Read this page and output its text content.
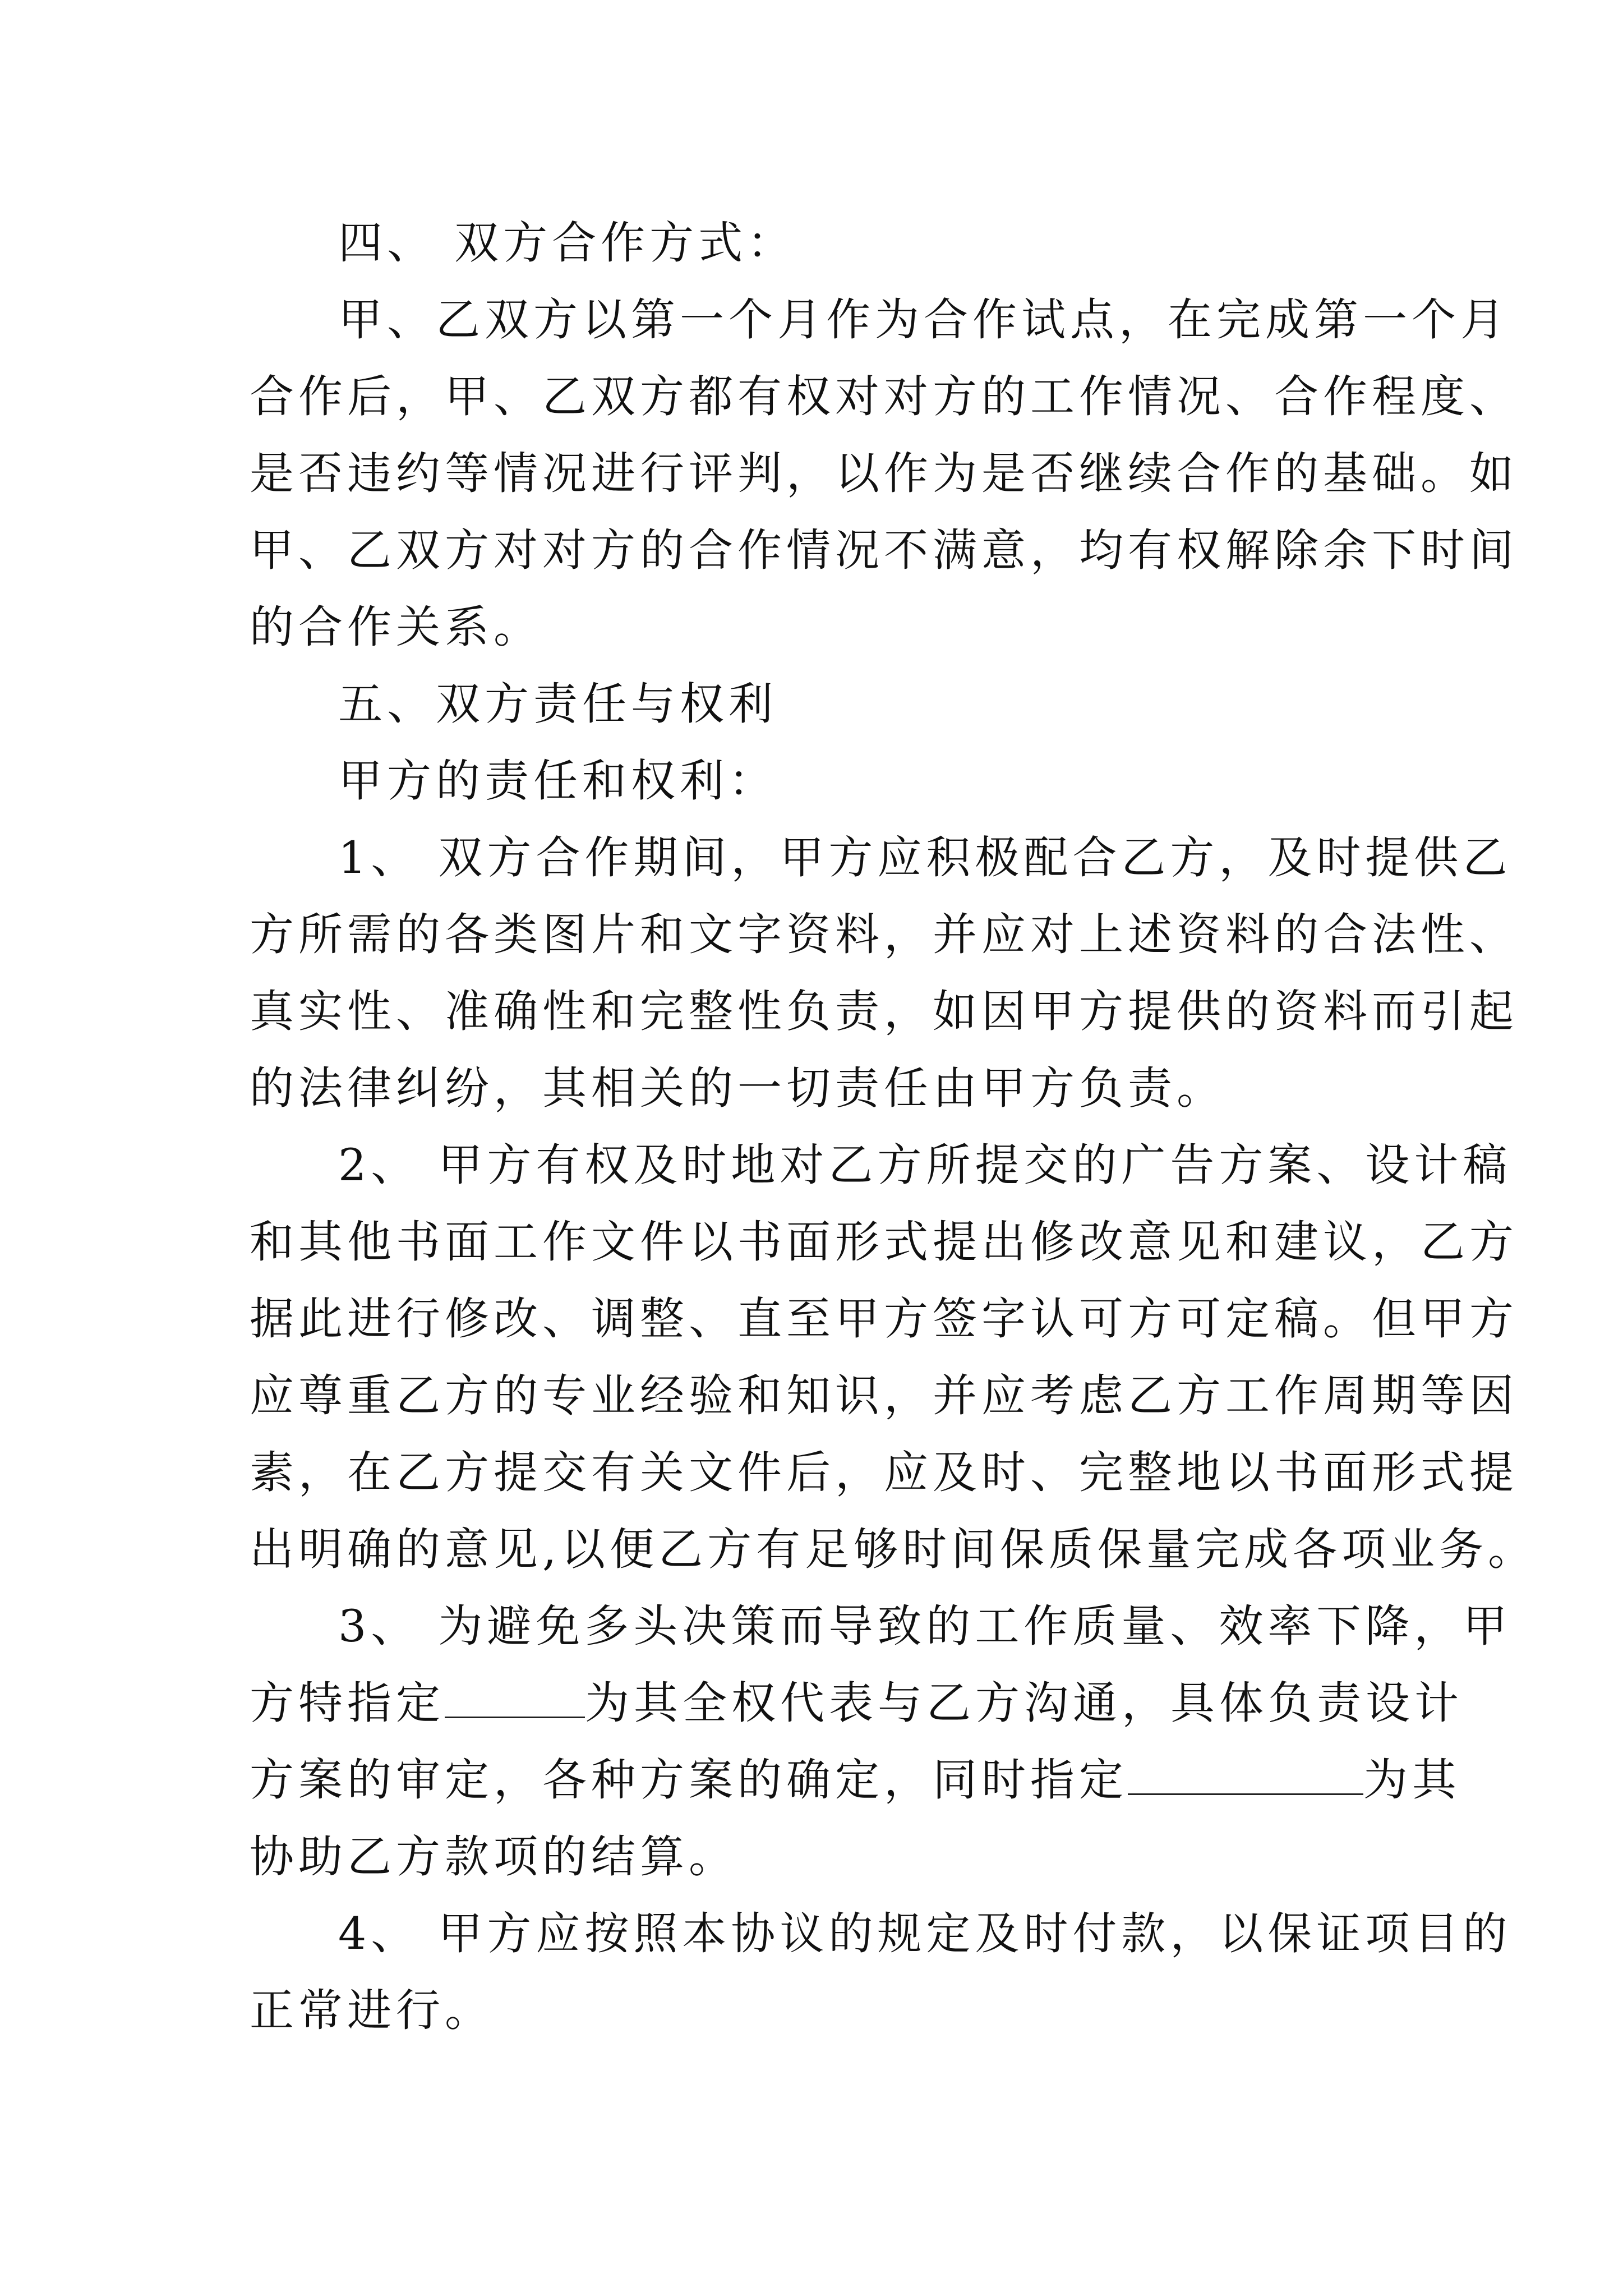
四、 双方合作方式：
甲、乙双方以第一个月作为合作试点，在完成第一个月
合作后，甲、乙双方都有权对对方的工作情况、合作程度、
是否违约等情况进行评判，以作为是否继续合作的基础。如
甲、乙双方对对方的合作情况不满意，均有权解除余下时间
的合作关系。
五、双方责任与权利
甲方的责任和权利：
1、 双方合作期间，甲方应积极配合乙方，及时提供乙
方所需的各类图片和文字资料，并应对上述资料的合法性、
真实性、准确性和完整性负责，如因甲方提供的资料而引起
的法律纠纷，其相关的一切责任由甲方负责。
2、 甲方有权及时地对乙方所提交的广告方案、设计稿
和其他书面工作文件以书面形式提出修改意见和建议，乙方
据此进行修改、调整、直至甲方签字认可方可定稿。但甲方
应尊重乙方的专业经验和知识，并应考虑乙方工作周期等因
素，在乙方提交有关文件后，应及时、完整地以书面形式提
出明确的意见,以便乙方有足够时间保质保量完成各项业务。
3、 为避免多头决策而导致的工作质量、效率下降，甲
方特指定	为其全权代表与乙方沟通，具体负责设计
方案的审定，各种方案的确定，同时指定	为其
协助乙方款项的结算。
4、 甲方应按照本协议的规定及时付款，以保证项目的
正常进行。
